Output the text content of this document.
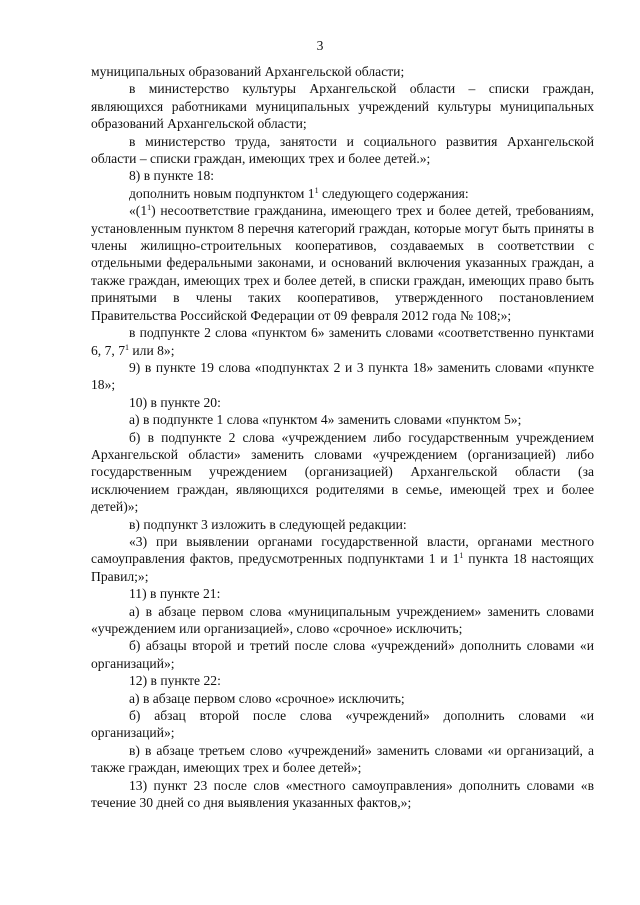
3

муниципальных образований Архангельской области;

в министерство культуры Архангельской области – списки граждан, являющихся работниками муниципальных учреждений культуры муниципальных образований Архангельской области;

в министерство труда, занятости и социального развития Архангельской области – списки граждан, имеющих трех и более детей.»;

8) в пункте 18:

дополнить новым подпунктом $1^1$ следующего содержания:

«$(1^1)$ несоответствие гражданина, имеющего трех и более детей, требованиям, установленным пунктом 8 перечня категорий граждан, которые могут быть приняты в члены жилищно-строительных кооперативов, создаваемых в соответствии с отдельными федеральными законами, и оснований включения указанных граждан, а также граждан, имеющих трех и более детей, в списки граждан, имеющих право быть принятыми в члены таких кооперативов, утвержденного постановлением Правительства Российской Федерации от 09 февраля 2012 года № 108;»;

в подпункте 2 слова «пунктом 6» заменить словами «соответственно пунктами 6, 7, $7^1$ или 8»;

9) в пункте 19 слова «подпунктах 2 и 3 пункта 18» заменить словами «пункте 18»;

10) в пункте 20:

а) в подпункте 1 слова «пунктом 4» заменить словами «пунктом 5»;

б) в подпункте 2 слова «учреждением либо государственным учреждением Архангельской области» заменить словами «учреждением (организацией) либо государственным учреждением (организацией) Архангельской области (за исключением граждан, являющихся родителями в семье, имеющей трех и более детей)»;

в) подпункт 3 изложить в следующей редакции:

«3) при выявлении органами государственной власти, органами местного самоуправления фактов, предусмотренных подпунктами 1 и $1^1$ пункта 18 настоящих Правил;»;

11) в пункте 21:

а) в абзаце первом слова «муниципальным учреждением» заменить словами «учреждением или организацией», слово «срочное» исключить;

б) абзацы второй и третий после слова «учреждений» дополнить словами «и организаций»;

12) в пункте 22:

а) в абзаце первом слово «срочное» исключить;

б) абзац второй после слова «учреждений» дополнить словами «и организаций»;

в) в абзаце третьем слово «учреждений» заменить словами «и организаций, а также граждан, имеющих трех и более детей»;

13) пункт 23 после слов «местного самоуправления» дополнить словами «в течение 30 дней со дня выявления указанных фактов,»;
